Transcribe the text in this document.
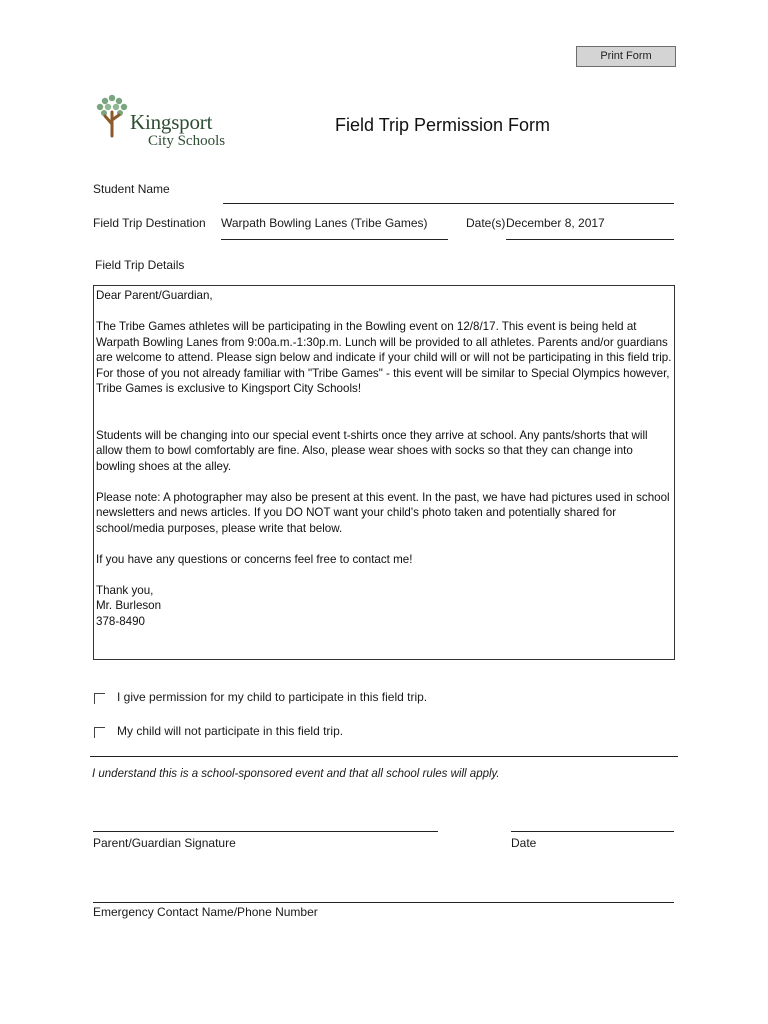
Print Form
Kingsport
City Schools
Field Trip Permission Form
Student Name
Field Trip Destination Warpath Bowling Lanes (Tribe Games)	Date(s) December 8, 2017
Field Trip Details

Dear Parent/Guardian,

The Tribe Games athletes will be participating in the Bowling event on 12/8/17. This event is being held at Warpath Bowling Lanes from 9:00a.m.-1:30p.m. Lunch will be provided to all athletes. Parents and/or guardians are welcome to attend. Please sign below and indicate if your child will or will not be participating in this field trip. For those of you not already familiar with "Tribe Games" - this event will be similar to Special Olympics however, Tribe Games is exclusive to Kingsport City Schools!

Students will be changing into our special event t-shirts once they arrive at school. Any pants/shorts that will allow them to bowl comfortably are fine. Also, please wear shoes with socks so that they can change into bowling shoes at the alley.

Please note: A photographer may also be present at this event. In the past, we have had pictures used in school newsletters and news articles. If you DO NOT want your child's photo taken and potentially shared for school/media purposes, please write that below.

If you have any questions or concerns feel free to contact me!

Thank you,

Mr. Burleson

378-8490

I give permission for my child to participate in this field trip.
My child will not participate in this field trip.
I understand this is a school-sponsored event and that all school rules will apply.
Parent/Guardian Signature	Date
Emergency Contact Name/Phone Number
